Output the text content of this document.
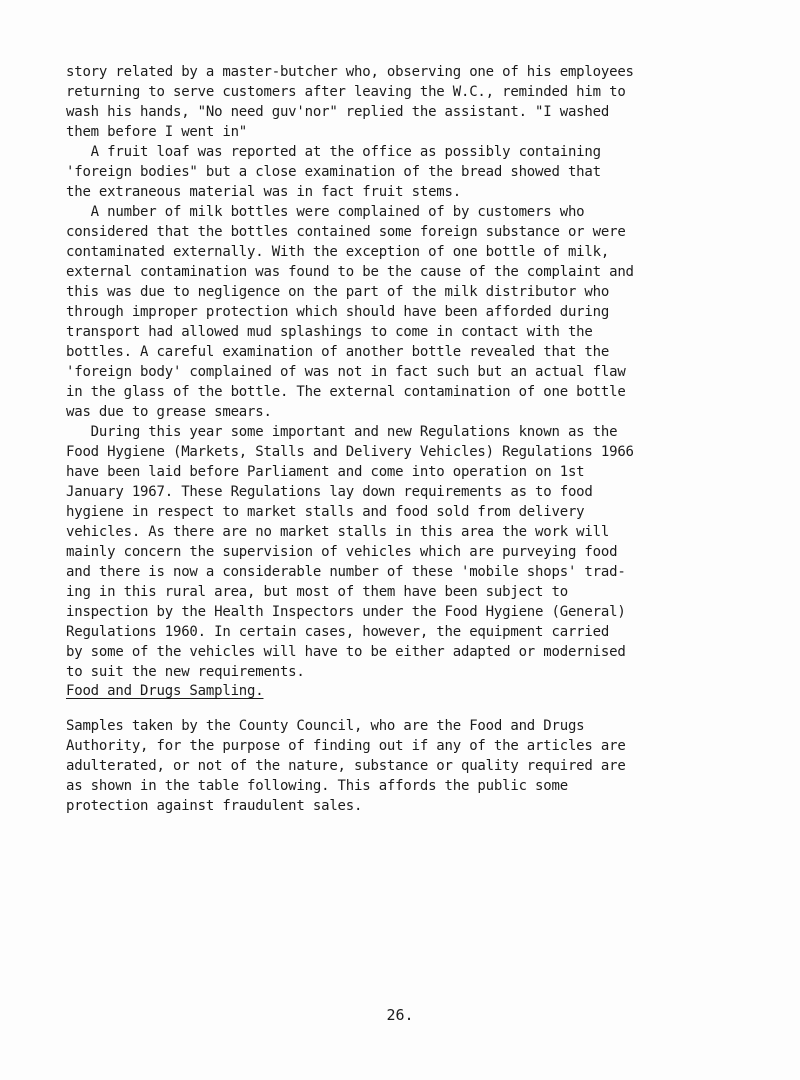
story related by a master-butcher who, observing one of his employees
returning to serve customers after leaving the W.C., reminded him to
wash his hands, "No need guv'nor" replied the assistant. "I washed
them before I went in"

A fruit loaf was reported at the office as possibly containing
'foreign bodies" but a close examination of the bread showed that
the extraneous material was in fact fruit stems.

A number of milk bottles were complained of by customers who
considered that the bottles contained some foreign substance or were
contaminated externally. With the exception of one bottle of milk,
external contamination was found to be the cause of the complaint and
this was due to negligence on the part of the milk distributor who
through improper protection which should have been afforded during
transport had allowed mud splashings to come in contact with the
bottles. A careful examination of another bottle revealed that the
'foreign body' complained of was not in fact such but an actual flaw
in the glass of the bottle. The external contamination of one bottle
was due to grease smears.
During this year some important and new Regulations known as the
Food Hygiene (Markets, Stalls and Delivery Vehicles) Regulations 1966
have been laid before Parliament and come into operation on 1st
January 1967. These Regulations lay down requirements as to food
hygiene in respect to market stalls and food sold from delivery
vehicles. As there are no market stalls in this area the work will
mainly concern the supervision of vehicles which are purveying food
and there is now a considerable number of these 'mobile shops' trad-
ing in this rural area, but most of them have been subject to
inspection by the Health Inspectors under the Food Hygiene (General)
Regulations 1960. In certain cases, however, the equipment carried
by some of the vehicles will have to be either adapted or modernised
to suit the new requirements.

Food and Drugs Sampling.

Samples taken by the County Council, who are the Food and Drugs
Authority, for the purpose of finding out if any of the articles are
adulterated, or not of the nature, substance or quality required are
as shown in the table following. This affords the public some
protection against fraudulent sales.

26.
